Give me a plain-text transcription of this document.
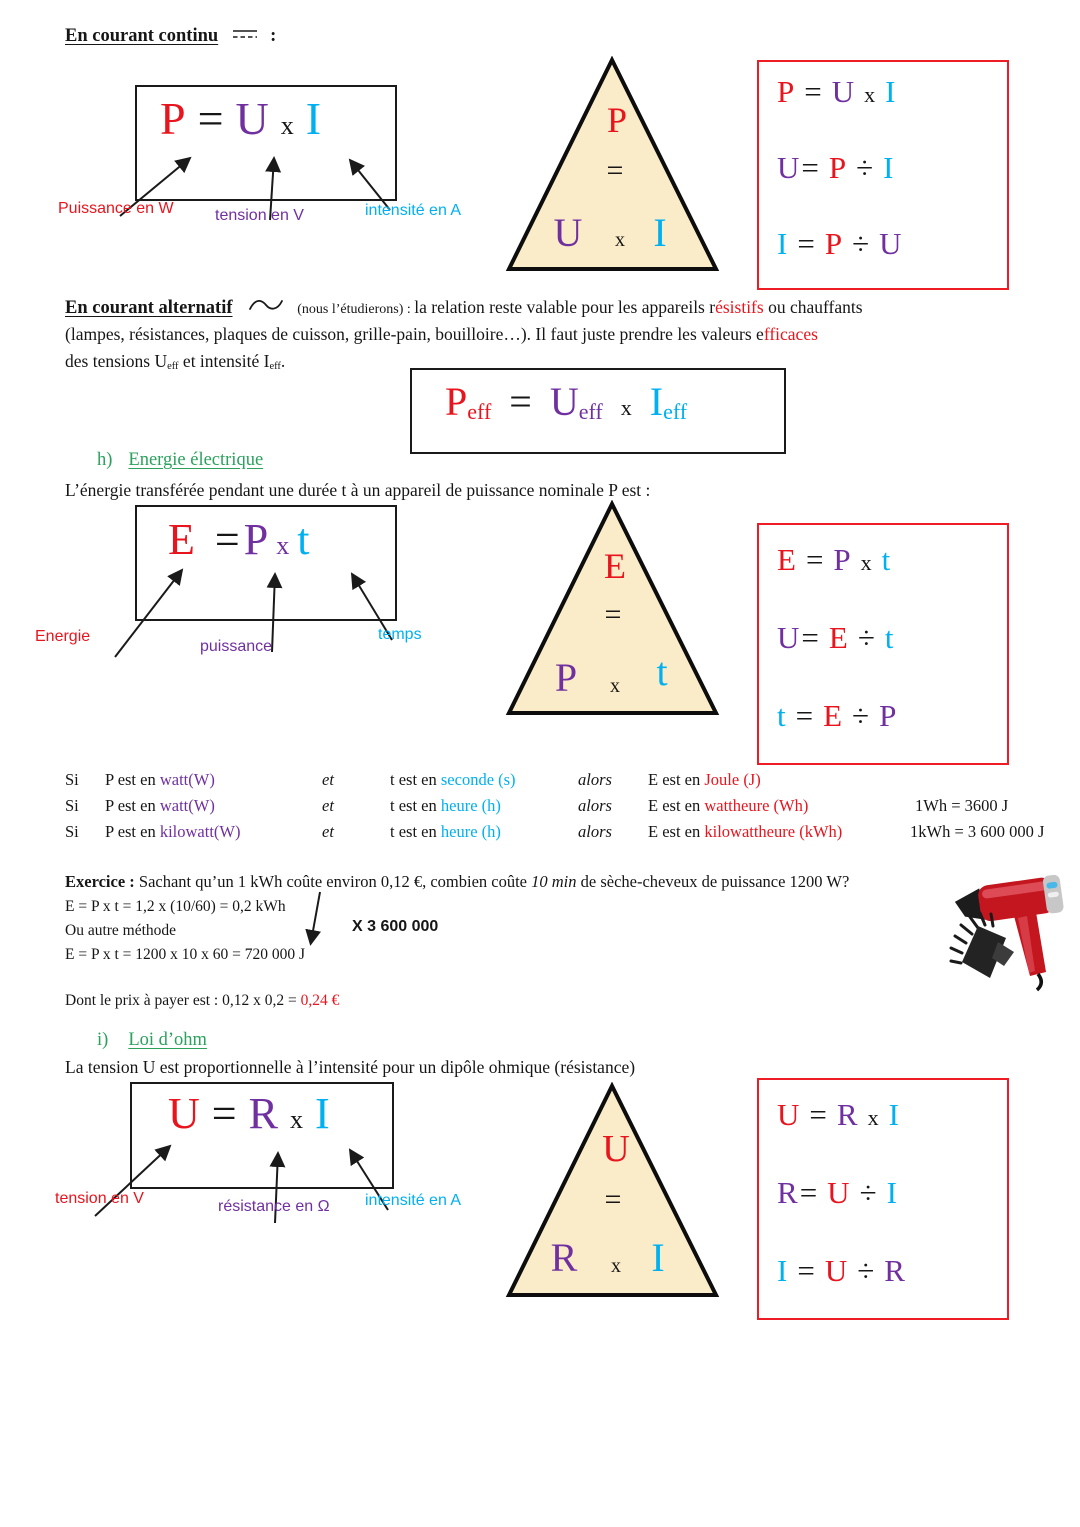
En courant continu	:
P = U x I
Puissance en W	tension en V	intensité en A
P
=
U x I
P = U x I
U= P ÷ I
I = P ÷ U
En courant alternatif	(nous l’étudierons) : la relation reste valable pour les appareils résistifs ou chauffants
(lampes, résistances, plaques de cuisson, grille-pain, bouilloire…). Il faut juste prendre les valeurs efficaces
des tensions Ueff et intensité Ieff.
Peff = Ueff x Ieff
h) Energie électrique
L’énergie transférée pendant une durée t à un appareil de puissance nominale P est :
E =P x t
Energie
puissance
temps
E
=
P x t
E = P x t
U= E ÷ t
t = E ÷ P
Si P est en watt(W)	et	t est en seconde (s)	alors E est en Joule (J)
Si P est en watt(W)	et	t est en heure (h)	alors E est en wattheure (Wh)	1Wh = 3600 J
Si P est en kilowatt(W)	et	t est en heure (h)	alors E est en kilowattheure (kWh)	1kWh = 3 600 000 J
Exercice : Sachant qu’un 1 kWh coûte environ 0,12 €, combien coûte 10 min de sèche-cheveux de puissance 1200 W?
E = P x t = 1,2 x (10/60) = 0,2 kWh
Ou autre méthode	X 3 600 000
E = P x t = 1200 x 10 x 60 = 720 000 J
Dont le prix à payer est : 0,12 x 0,2 = 0,24 €
i) Loi d’ohm
La tension U est proportionnelle à l’intensité pour un dipôle ohmique (résistance)
U = R x I
tension en V	résistance en Ω intensité en A
U
=
R x I
U = R x I
R= U ÷ I
I = U ÷ R
